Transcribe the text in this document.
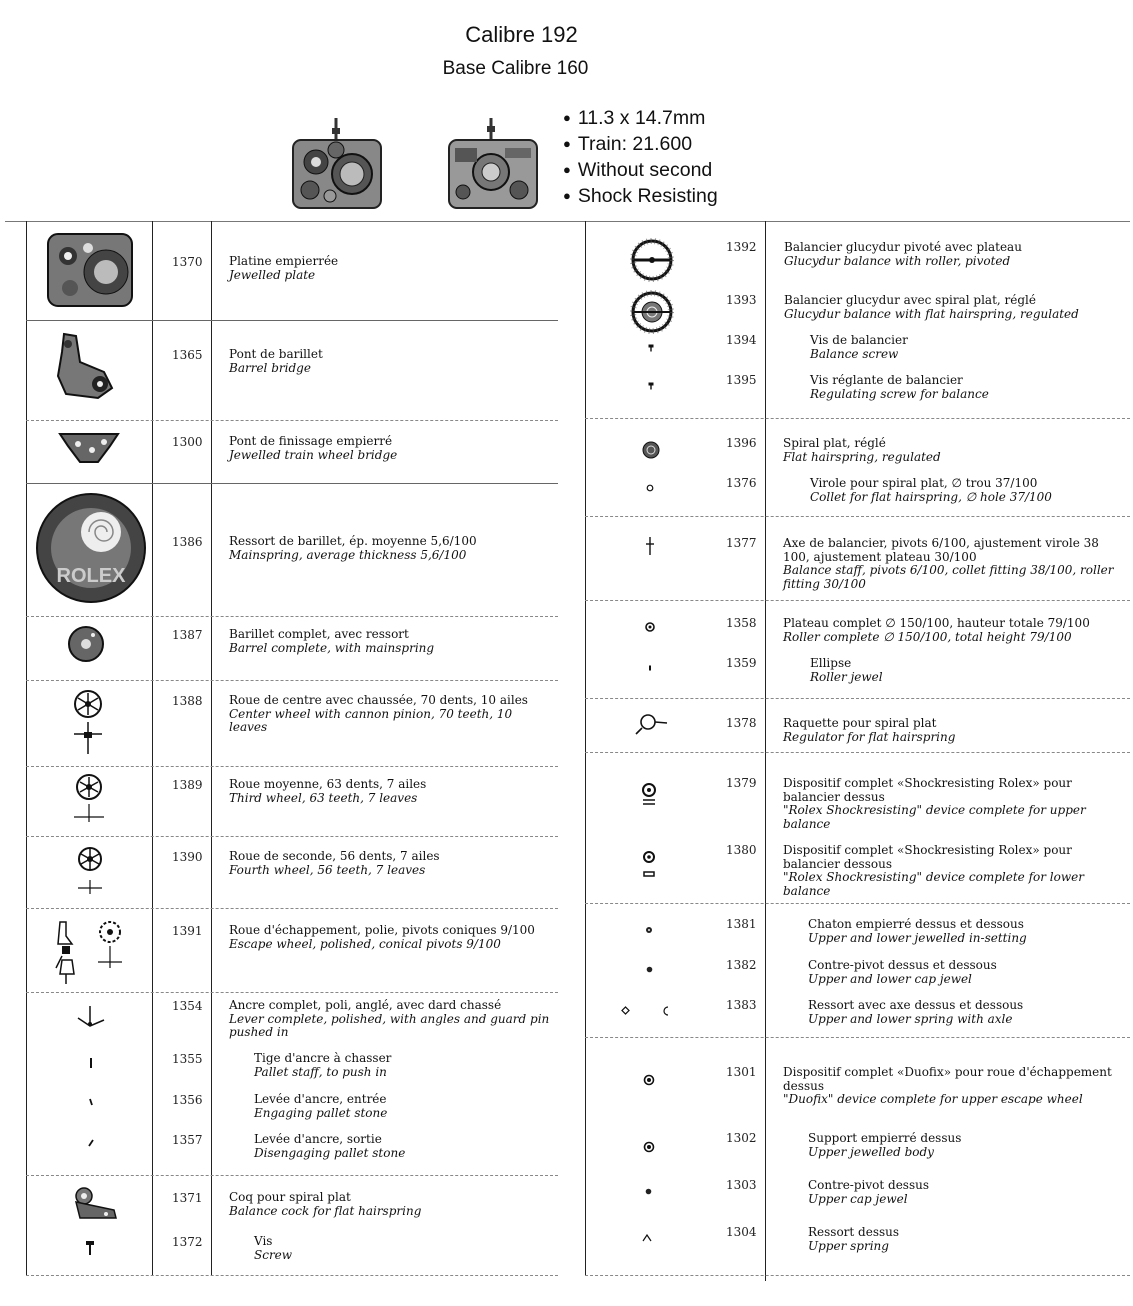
Calibre 192
Base Calibre 160
● 11.3 x 14.7mm
● Train: 21.600
● Without second
● Shock Resisting
1370 Platine empierrée
Jewelled plate
1365 Pont de barillet
Barrel bridge
1300 Pont de finissage empierré
Jewelled train wheel bridge
ROLEX
1386 Ressort de barillet, ép. moyenne 5,6/100
Mainspring, average thickness 5,6/100
1387 Barillet complet, avec ressort
Barrel complete, with mainspring
1388 Roue de centre avec chaussée, 70 dents, 10 ailes
Center wheel with cannon pinion, 70 teeth, 10 leaves
1389 Roue moyenne, 63 dents, 7 ailes
Third wheel, 63 teeth, 7 leaves
1390 Roue de seconde, 56 dents, 7 ailes
Fourth wheel, 56 teeth, 7 leaves
1391 Roue d'échappement, polie, pivots coniques 9/100
Escape wheel, polished, conical pivots 9/100
1354 Ancre complet, poli, anglé, avec dard chassé
Lever complete, polished, with angles and guard pin pushed in
1355	Tige d'ancre à chasser
Pallet staff, to push in
1356	Levée d'ancre, entrée
Engaging pallet stone
1357	Levée d'ancre, sortie
Disengaging pallet stone
1371 Coq pour spiral plat
Balance cock for flat hairspring
1372	Vis
Screw
1392 Balancier glucydur pivoté avec plateau
Glucydur balance with roller, pivoted
1393 Balancier glucydur avec spiral plat, réglé
Glucydur balance with flat hairspring, regulated
1394	Vis de balancier
Balance screw
1395	Vis réglante de balancier
Regulating screw for balance
1396 Spiral plat, réglé
Flat hairspring, regulated
1376	Virole pour spiral plat, ∅ trou 37/100
Collet for flat hairspring, ∅ hole 37/100
1377 Axe de balancier, pivots 6/100, ajustement virole 38 100, ajustement plateau 30/100
Balance staff, pivots 6/100, collet fitting 38/100, roller fitting 30/100
1358 Plateau complet ∅ 150/100, hauteur totale 79/100
Roller complete ∅ 150/100, total height 79/100
1359	Ellipse
Roller jewel
1378 Raquette pour spiral plat
Regulator for flat hairspring
1379 Dispositif complet «Shockresisting Rolex» pour balancier dessus
"Rolex Shockresisting" device complete for upper balance
1380 Dispositif complet «Shockresisting Rolex» pour balancier dessous
"Rolex Shockresisting" device complete for lower balance
1381	Chaton empierré dessus et dessous
Upper and lower jewelled in-setting
1382	Contre-pivot dessus et dessous
Upper and lower cap jewel
1383	Ressort avec axe dessus et dessous
Upper and lower spring with axle
1301 Dispositif complet «Duofix» pour roue d'échappement dessus
"Duofix" device complete for upper escape wheel
1302	Support empierré dessus
Upper jewelled body
1303	Contre-pivot dessus
Upper cap jewel
1304	Ressort dessus
Upper spring
